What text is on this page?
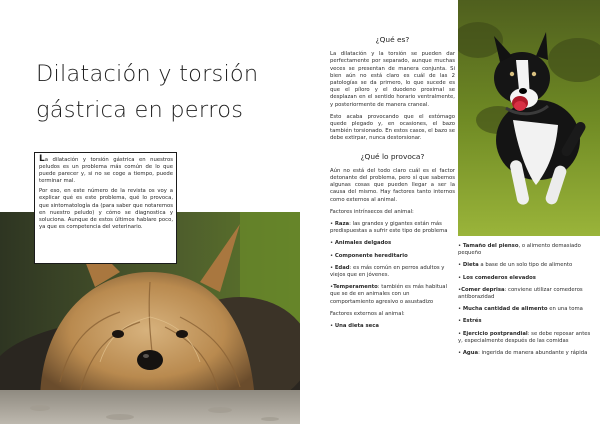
Dilatación y torsión gástrica en perros

La dilatación y torsión gástrica en nuestros peludos es un problema más común de lo que puede parecer y, si no se coge a tiempo, puede terminar mal.

Por eso, en este número de la revista os voy a explicar qué es este problema, qué lo provoca, que sintomatología da (para saber que notaremos en nuestro peludo) y cómo se diagnostica y soluciona. Aunque de estos últimos hablare poco, ya que es competencia del veterinario.

¿Qué es?

La dilatación y la torsión se pueden dar perfectamente por separado, aunque muchas veces se presentan de manera conjunta. Si bien aún no está claro es cuál de las 2 patologías se da primero, lo que sucede es que el píloro y el duodeno proximal se desplazan en el sentido horario ventralmente, y posteriormente de manera craneal.

Esto acaba provocando que el estómago quede plegado y, en ocasiones, el bazo también torsionado. En estos casos, el bazo se debe extirpar, nunca destorsionar.

¿Qué lo provoca?

Aún no está del todo claro cuál es el factor detonante del problema, pero sí que sabemos algunas cosas que pueden llegar a ser la causa del mismo. Hay factores tanto internos como externos al animal.

Factores intrínsecos del animal:

• Raza: las grandes y gigantes están más predispuestas a sufrir este tipo de problema
• Animales delgados
• Componente hereditario
• Edad: es más común en perros adultos y viejos que en jóvenes.
•Temperamento: también es más habitual que se de en animales con un comportamiento agresivo o asustadizo

Factores externos al animal:

• Una dieta seca
• Tamaño del pienso, o alimento demasiado pequeño
• Dieta a base de un solo tipo de alimento
• Los comederos elevados
•Comer deprisa: conviene utilizar comederos antiborazidad
• Mucha cantidad de alimento en una toma
• Estrés
• Ejercicio postprandial: se debe reposar antes y, especialmente después de las comidas
• Agua: ingerida de manera abundante y rápida
